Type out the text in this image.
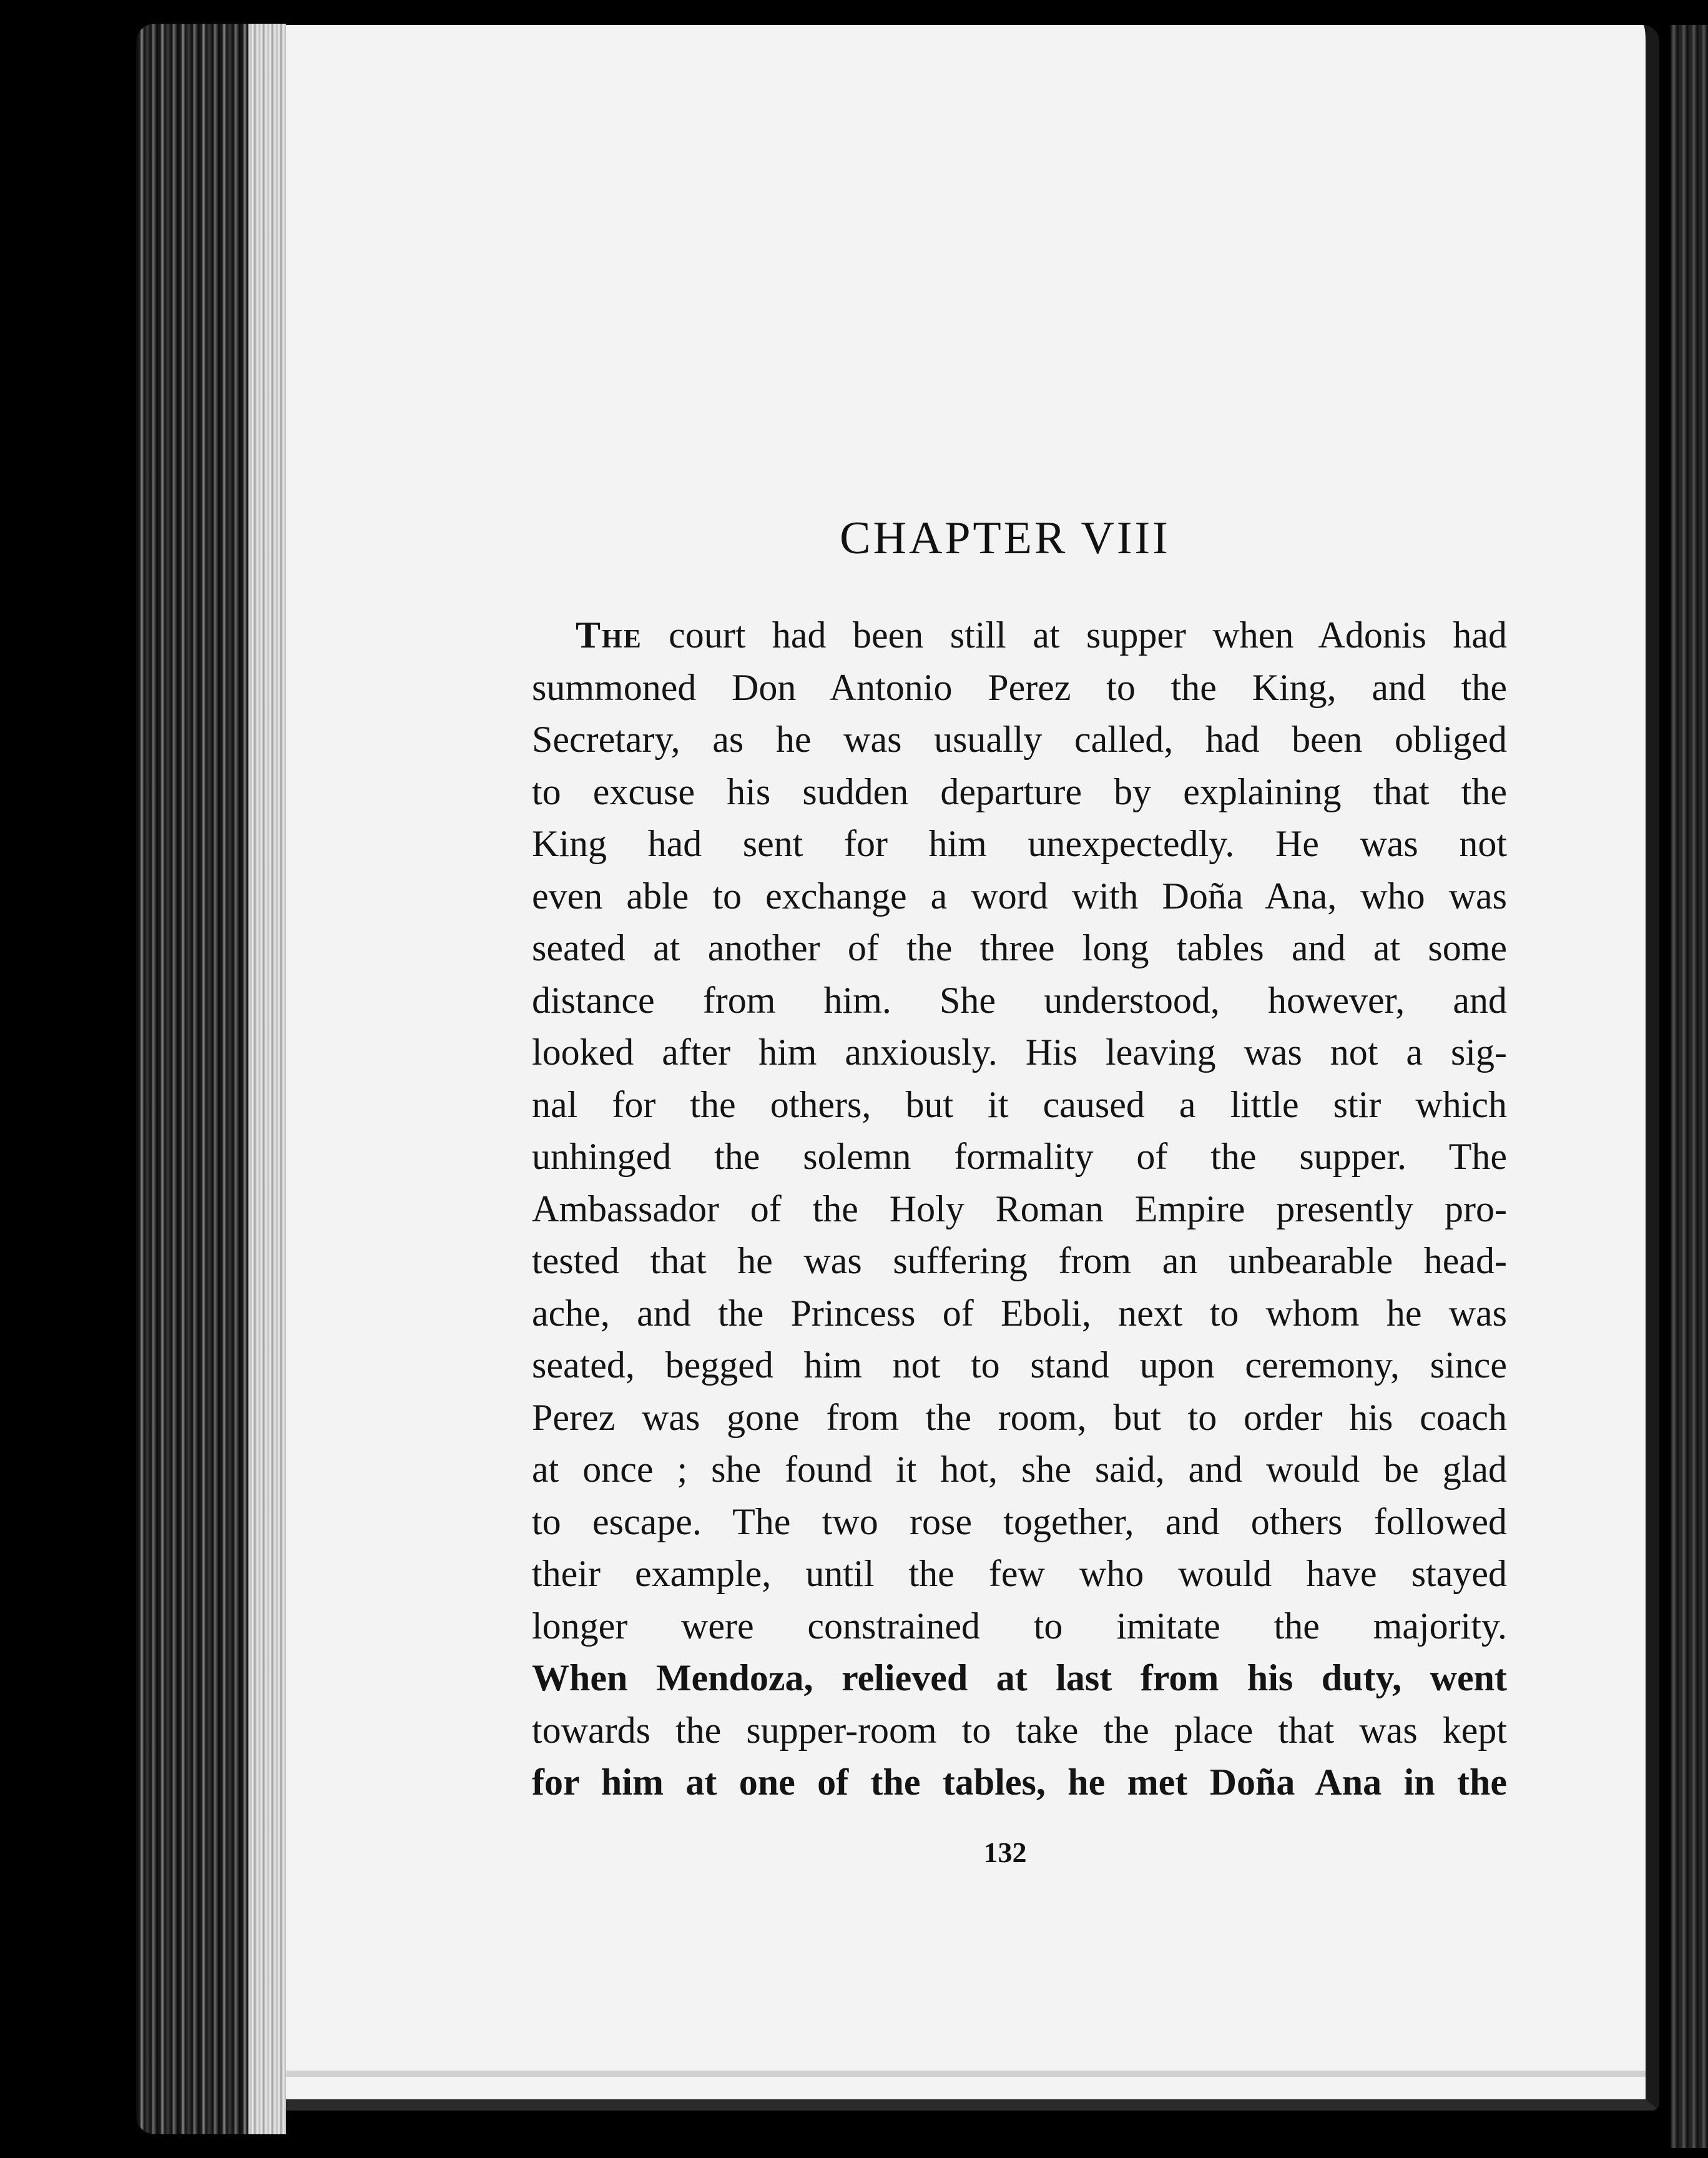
CHAPTER VIII
The court had been still at supper when Adonis had
summoned Don Antonio Perez to the King, and the
Secretary, as he was usually called, had been obliged
to excuse his sudden departure by explaining that the
King had sent for him unexpectedly. He was not
even able to exchange a word with Doña Ana, who was
seated at another of the three long tables and at some
distance from him. She understood, however, and
looked after him anxiously. His leaving was not a sig-
nal for the others, but it caused a little stir which
unhinged the solemn formality of the supper. The
Ambassador of the Holy Roman Empire presently pro-
tested that he was suffering from an unbearable head-
ache, and the Princess of Eboli, next to whom he was
seated, begged him not to stand upon ceremony, since
Perez was gone from the room, but to order his coach
at once ; she found it hot, she said, and would be glad
to escape. The two rose together, and others followed
their example, until the few who would have stayed
longer were constrained to imitate the majority.
When Mendoza, relieved at last from his duty, went
towards the supper-room to take the place that was kept
for him at one of the tables, he met Doña Ana in the
132
